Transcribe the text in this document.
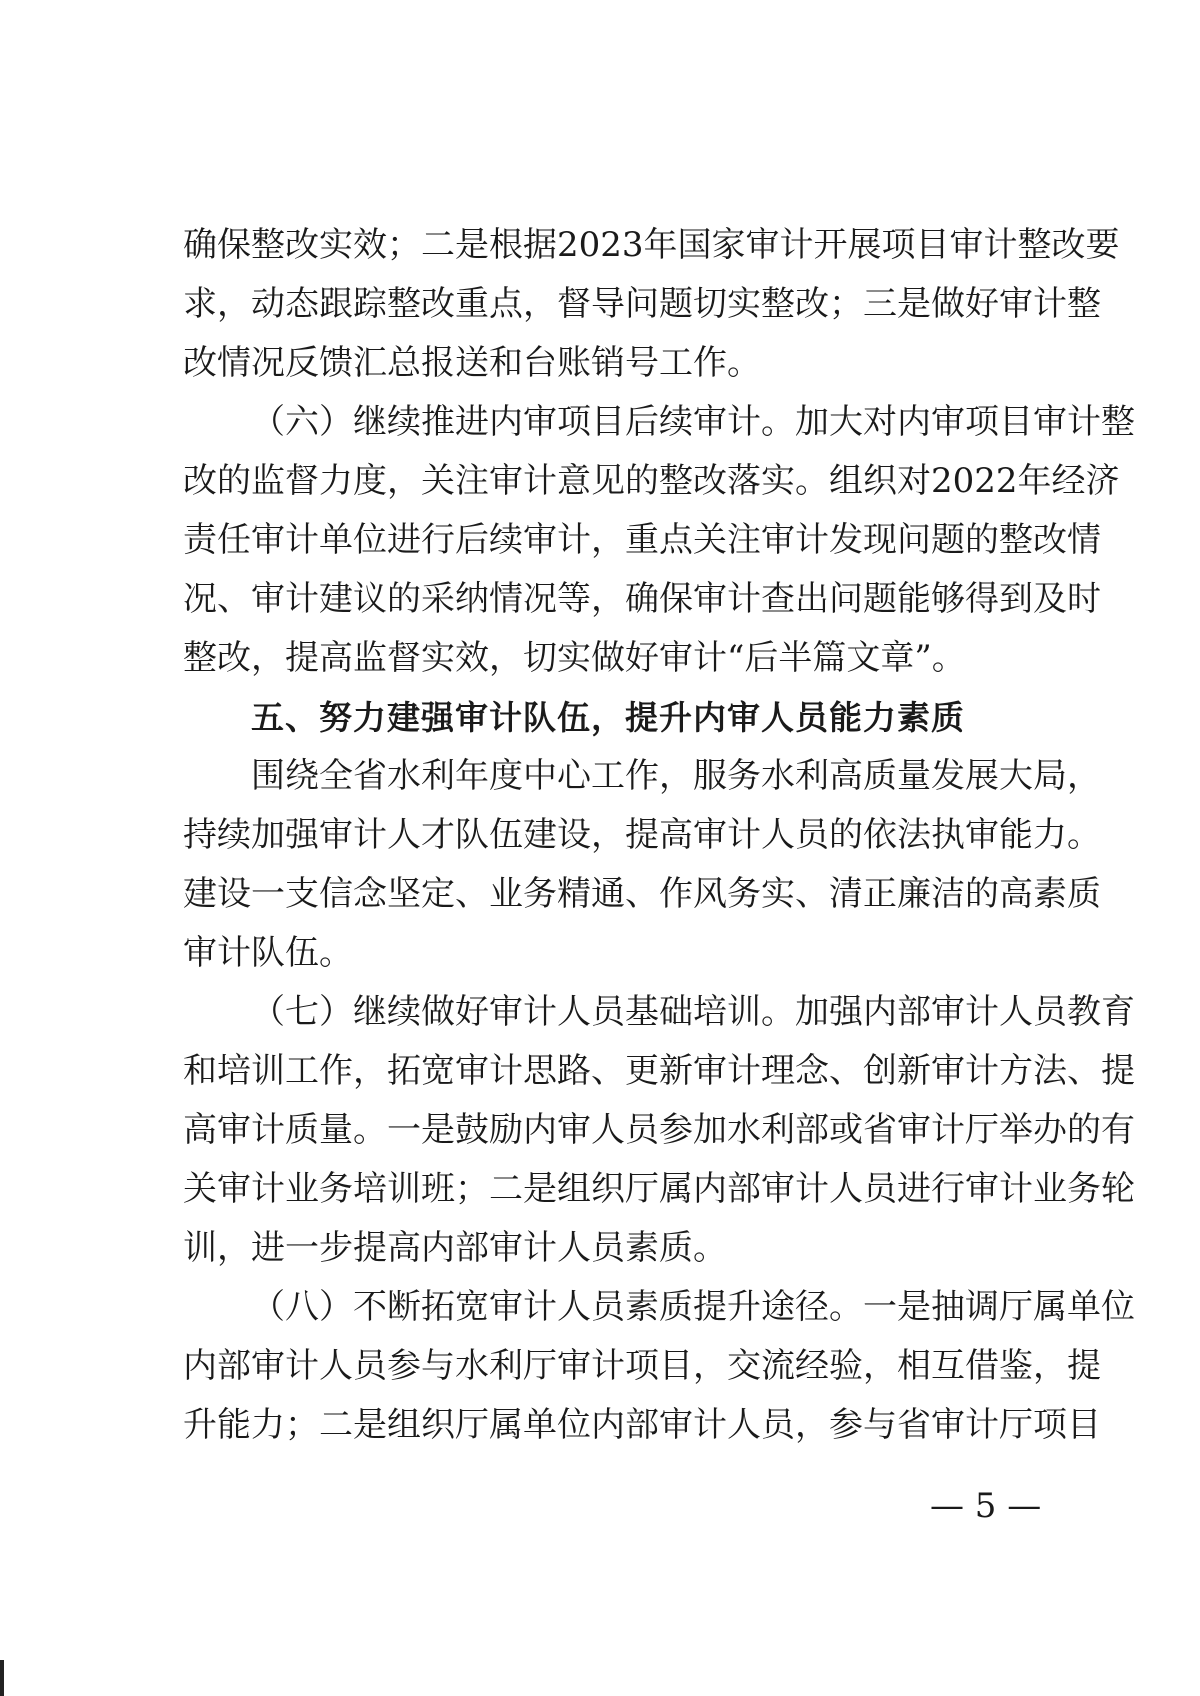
确保整改实效；二是根据2023年国家审计开展项目审计整改要
求，动态跟踪整改重点，督导问题切实整改；三是做好审计整
改情况反馈汇总报送和台账销号工作。
（六）继续推进内审项目后续审计。加大对内审项目审计整
改的监督力度，关注审计意见的整改落实。组织对2022年经济
责任审计单位进行后续审计，重点关注审计发现问题的整改情
况、审计建议的采纳情况等，确保审计查出问题能够得到及时
整改，提高监督实效，切实做好审计“后半篇文章”。
五、努力建强审计队伍，提升内审人员能力素质
围绕全省水利年度中心工作，服务水利高质量发展大局，
持续加强审计人才队伍建设，提高审计人员的依法执审能力。
建设一支信念坚定、业务精通、作风务实、清正廉洁的高素质
审计队伍。
（七）继续做好审计人员基础培训。加强内部审计人员教育
和培训工作，拓宽审计思路、更新审计理念、创新审计方法、提
高审计质量。一是鼓励内审人员参加水利部或省审计厅举办的有
关审计业务培训班；二是组织厅属内部审计人员进行审计业务轮
训，进一步提高内部审计人员素质。
（八）不断拓宽审计人员素质提升途径。一是抽调厅属单位
内部审计人员参与水利厅审计项目，交流经验，相互借鉴，提
升能力；二是组织厅属单位内部审计人员，参与省审计厅项目
— 5 —
